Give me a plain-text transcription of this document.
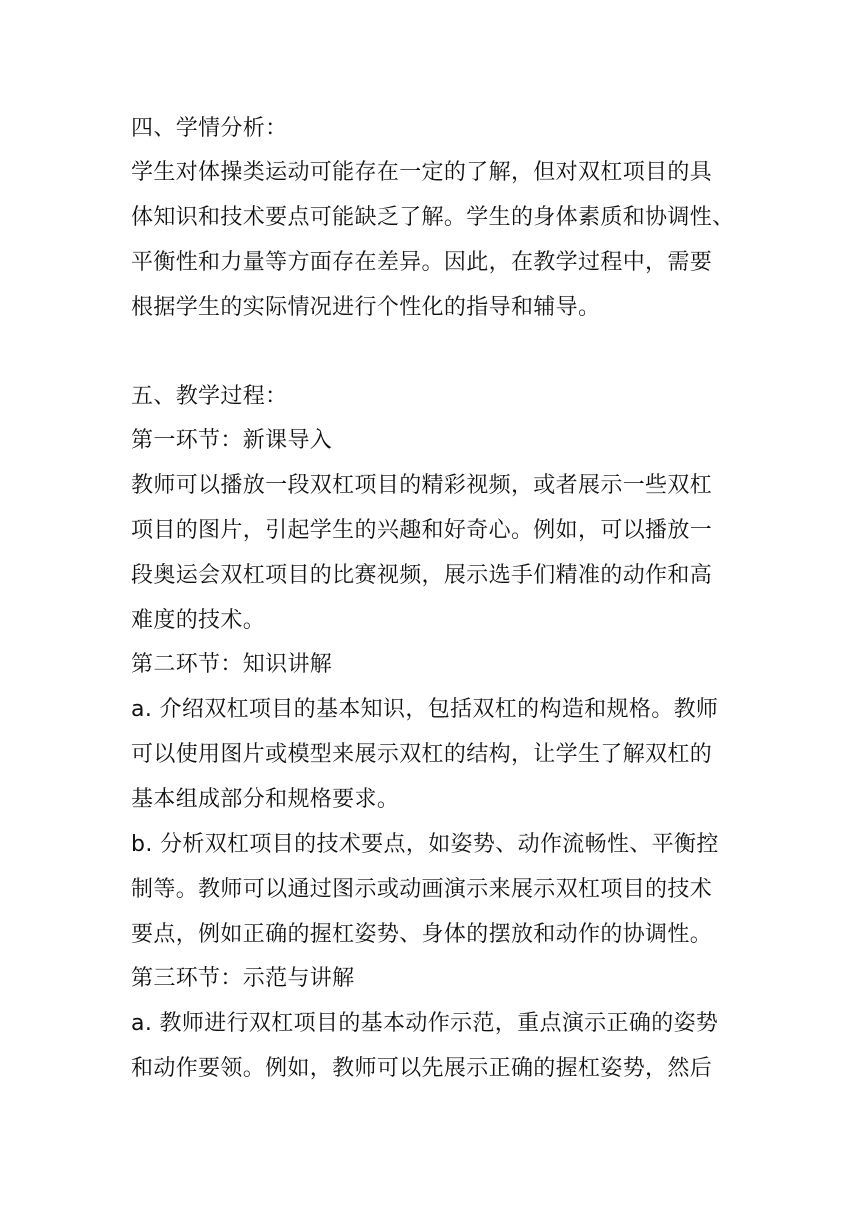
四、学情分析：
学生对体操类运动可能存在一定的了解，但对双杠项目的具
体知识和技术要点可能缺乏了解。学生的身体素质和协调性、
平衡性和力量等方面存在差异。因此，在教学过程中，需要
根据学生的实际情况进行个性化的指导和辅导。
五、教学过程：
第一环节：新课导入
教师可以播放一段双杠项目的精彩视频，或者展示一些双杠
项目的图片，引起学生的兴趣和好奇心。例如，可以播放一
段奥运会双杠项目的比赛视频，展示选手们精准的动作和高
难度的技术。
第二环节：知识讲解
a. 介绍双杠项目的基本知识，包括双杠的构造和规格。教师
可以使用图片或模型来展示双杠的结构，让学生了解双杠的
基本组成部分和规格要求。
b. 分析双杠项目的技术要点，如姿势、动作流畅性、平衡控
制等。教师可以通过图示或动画演示来展示双杠项目的技术
要点，例如正确的握杠姿势、身体的摆放和动作的协调性。
第三环节：示范与讲解
a. 教师进行双杠项目的基本动作示范，重点演示正确的姿势
和动作要领。例如，教师可以先展示正确的握杠姿势，然后
